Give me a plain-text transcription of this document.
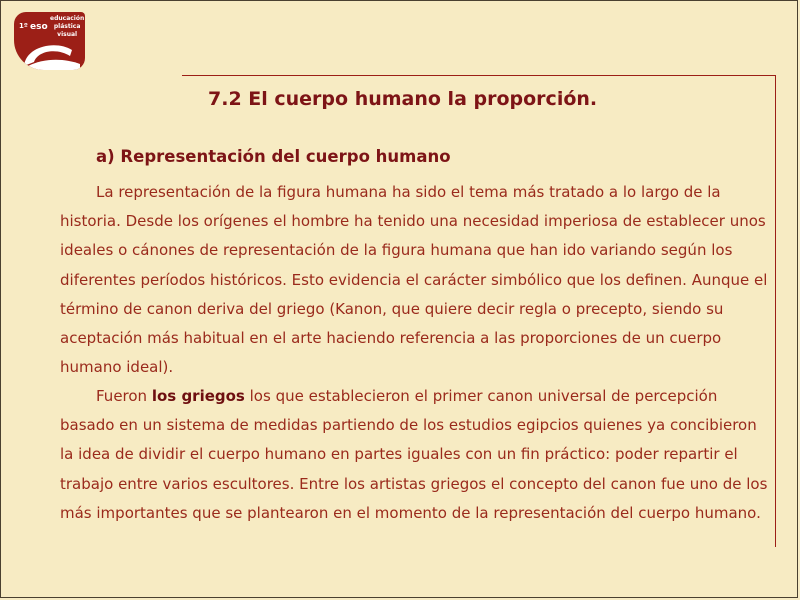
1º eso
educación
plástica
visual
7.2 El cuerpo humano la proporción.
a) Representación del cuerpo humano

La representación de la figura humana ha sido el tema más tratado a lo largo de la historia. Desde los orígenes el hombre ha tenido una necesidad imperiosa de establecer unos ideales o cánones de representación de la figura humana que han ido variando según los diferentes períodos históricos. Esto evidencia el carácter simbólico que los definen. Aunque el término de canon deriva del griego (Kanon, que quiere decir regla o precepto, siendo su aceptación más habitual en el arte haciendo referencia a las proporciones de un cuerpo humano ideal).

Fueron los griegos los que establecieron el primer canon universal de percepción basado en un sistema de medidas partiendo de los estudios egipcios quienes ya concibieron la idea de dividir el cuerpo humano en partes iguales con un fin práctico: poder repartir el trabajo entre varios escultores. Entre los artistas griegos el concepto del canon fue uno de los más importantes que se plantearon en el momento de la representación del cuerpo humano.
